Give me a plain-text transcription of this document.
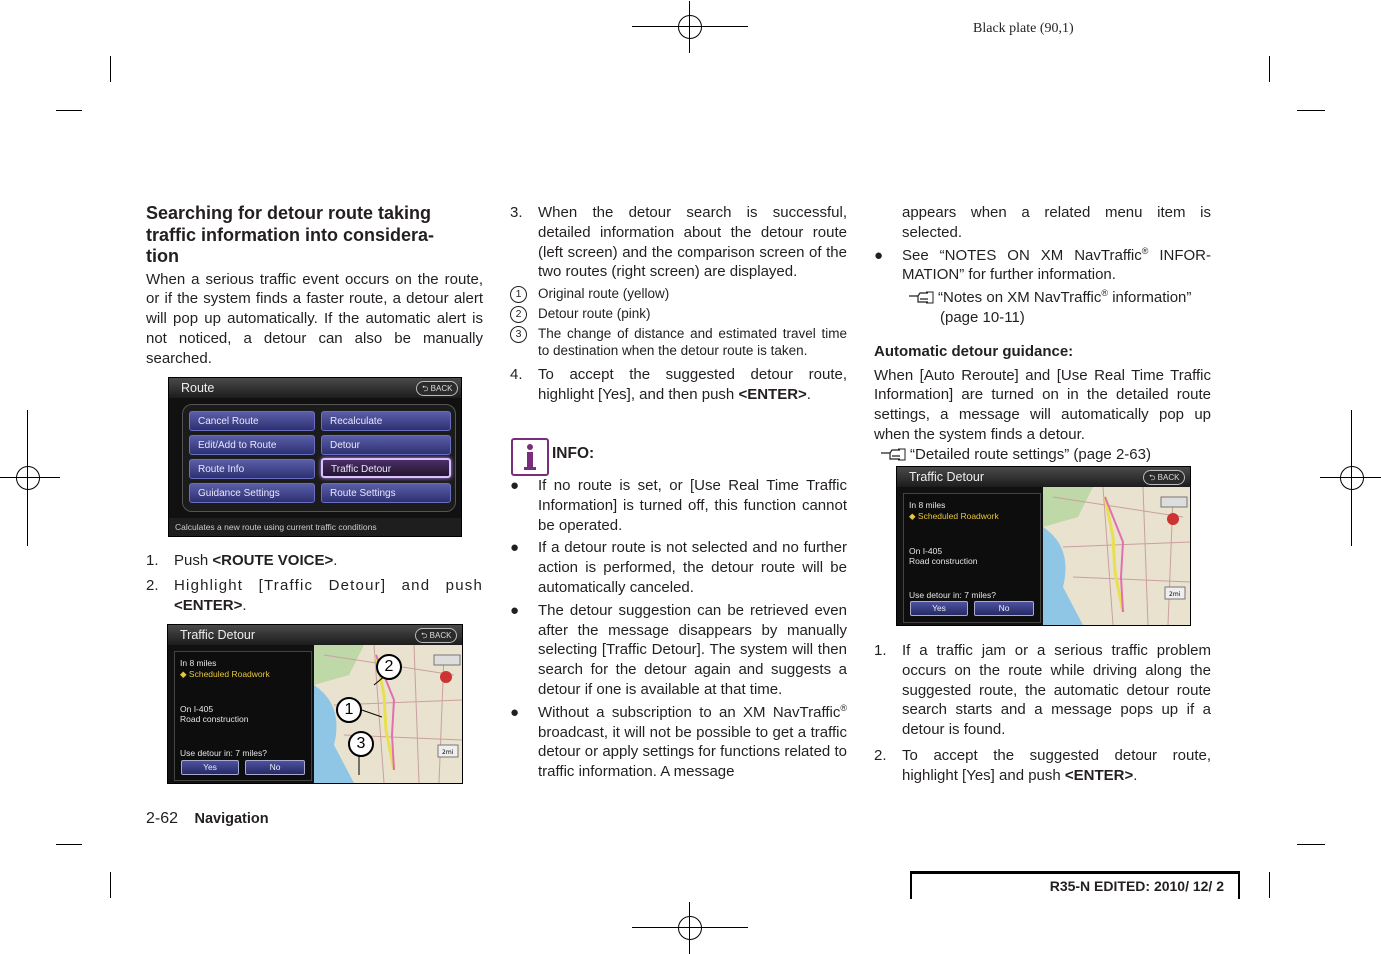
Black plate (90,1)
Searching for detour route taking
traffic information into considera-
tion
When a serious traffic event occurs on the route, or if the system finds a faster route, a detour alert will pop up automatically. If the automatic alert is not noticed, a detour can also be manually searched.
Route	⮌ BACK
Cancel Route	Recalculate
Edit/Add to Route	Detour
Route Info	Traffic Detour
Guidance Settings	Route Settings
Calculates a new route using current traffic conditions
1. Push <ROUTE VOICE>.
2. Highlight [Traffic Detour] and push <ENTER>.
Traffic Detour	⮌ BACK
In 8 miles
◆ Scheduled Roadwork
On I-405
Road construction
Use detour in: 7 miles?
Yes	No
2mi
2
1
3
2-62 Navigation
3. When the detour search is successful, detailed information about the detour route (left screen) and the comparison screen of the two routes (right screen) are displayed.
1	Original route (yellow)
2	Detour route (pink)
3	The change of distance and estimated travel time to destination when the detour route is taken.
4. To accept the suggested detour route, highlight [Yes], and then push <ENTER>.
INFO:
● If no route is set, or [Use Real Time Traffic Information] is turned off, this function cannot be operated.
● If a detour route is not selected and no further action is performed, the detour route will be automatically canceled.
● The detour suggestion can be retrieved even after the message disappears by manually selecting [Traffic Detour]. The system will then search for the detour again and suggests a detour if one is available at that time.
● Without a subscription to an XM NavTraffic® broadcast, it will not be possible to get a traffic detour or apply settings for functions related to traffic information. A message
appears when a related menu item is selected.
● See “NOTES ON XM NavTraffic® INFOR-MATION” for further information.
“Notes on XM NavTraffic® information”
(page 10-11)
Automatic detour guidance:
When [Auto Reroute] and [Use Real Time Traffic Information] are turned on in the detailed route settings, a message will automatically pop up when the system finds a detour.
“Detailed route settings” (page 2-63)
Traffic Detour	⮌ BACK
In 8 miles
◆ Scheduled Roadwork
On I-405
Road construction
Use detour in: 7 miles?
Yes	No
2mi
1. If a traffic jam or a serious traffic problem occurs on the route while driving along the suggested route, the automatic detour route search starts and a message pops up if a detour is found.
2. To accept the suggested detour route, highlight [Yes] and push <ENTER>.
R35-N EDITED: 2010/ 12/ 2
